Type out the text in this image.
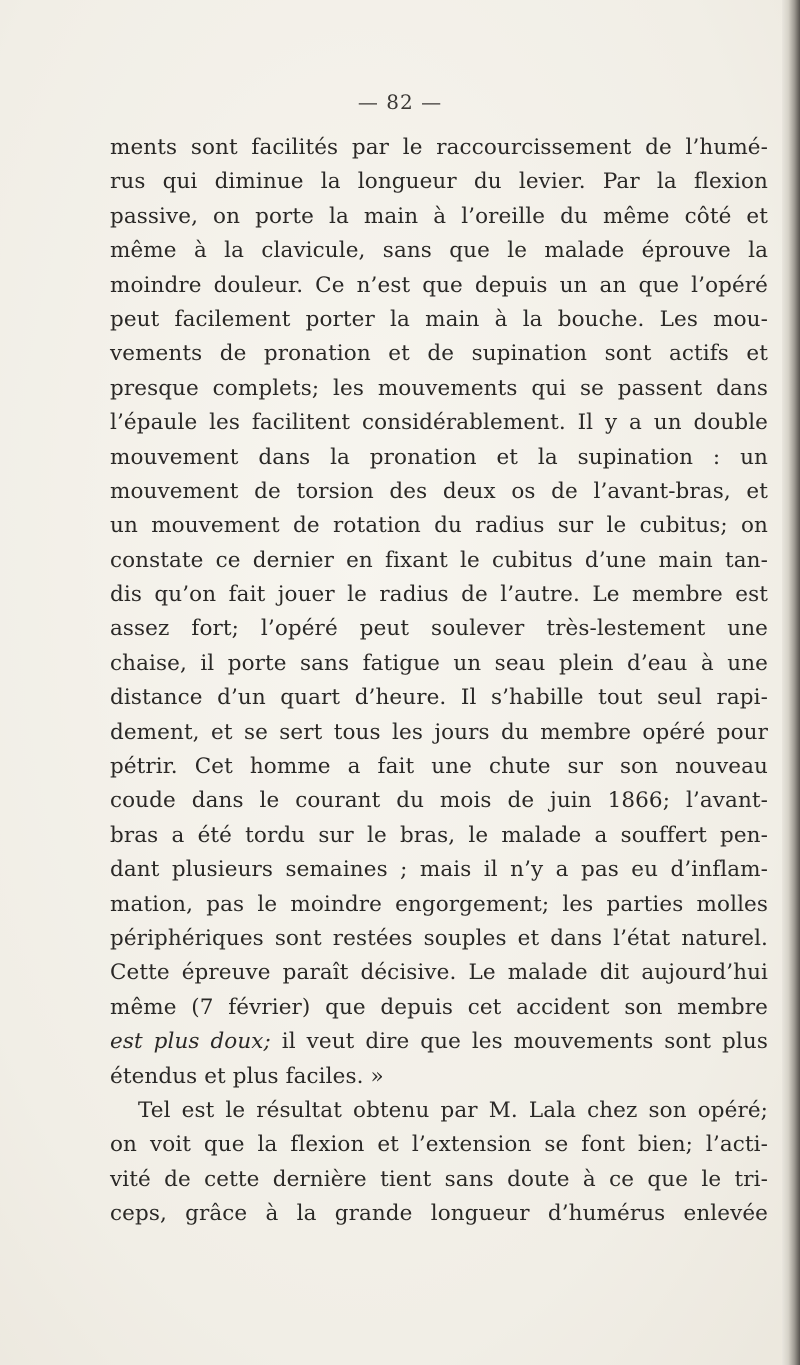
— 82 —
ments sont facilités par le raccourcissement de l’humé-
rus qui diminue la longueur du levier. Par la flexion
passive, on porte la main à l’oreille du même côté et
même à la clavicule, sans que le malade éprouve la
moindre douleur. Ce n’est que depuis un an que l’opéré
peut facilement porter la main à la bouche. Les mou-
vements de pronation et de supination sont actifs et
presque complets; les mouvements qui se passent dans
l’épaule les facilitent considérablement. Il y a un double
mouvement dans la pronation et la supination : un
mouvement de torsion des deux os de l’avant-bras, et
un mouvement de rotation du radius sur le cubitus; on
constate ce dernier en fixant le cubitus d’une main tan-
dis qu’on fait jouer le radius de l’autre. Le membre est
assez fort; l’opéré peut soulever très-lestement une
chaise, il porte sans fatigue un seau plein d’eau à une
distance d’un quart d’heure. Il s’habille tout seul rapi-
dement, et se sert tous les jours du membre opéré pour
pétrir. Cet homme a fait une chute sur son nouveau
coude dans le courant du mois de juin 1866; l’avant-
bras a été tordu sur le bras, le malade a souffert pen-
dant plusieurs semaines ; mais il n’y a pas eu d’inflam-
mation, pas le moindre engorgement; les parties molles
périphériques sont restées souples et dans l’état naturel.
Cette épreuve paraît décisive. Le malade dit aujourd’hui
même (7 février) que depuis cet accident son membre
est plus doux; il veut dire que les mouvements sont plus
étendus et plus faciles. »
Tel est le résultat obtenu par M. Lala chez son opéré;
on voit que la flexion et l’extension se font bien; l’acti-
vité de cette dernière tient sans doute à ce que le tri-
ceps, grâce à la grande longueur d’humérus enlevée
